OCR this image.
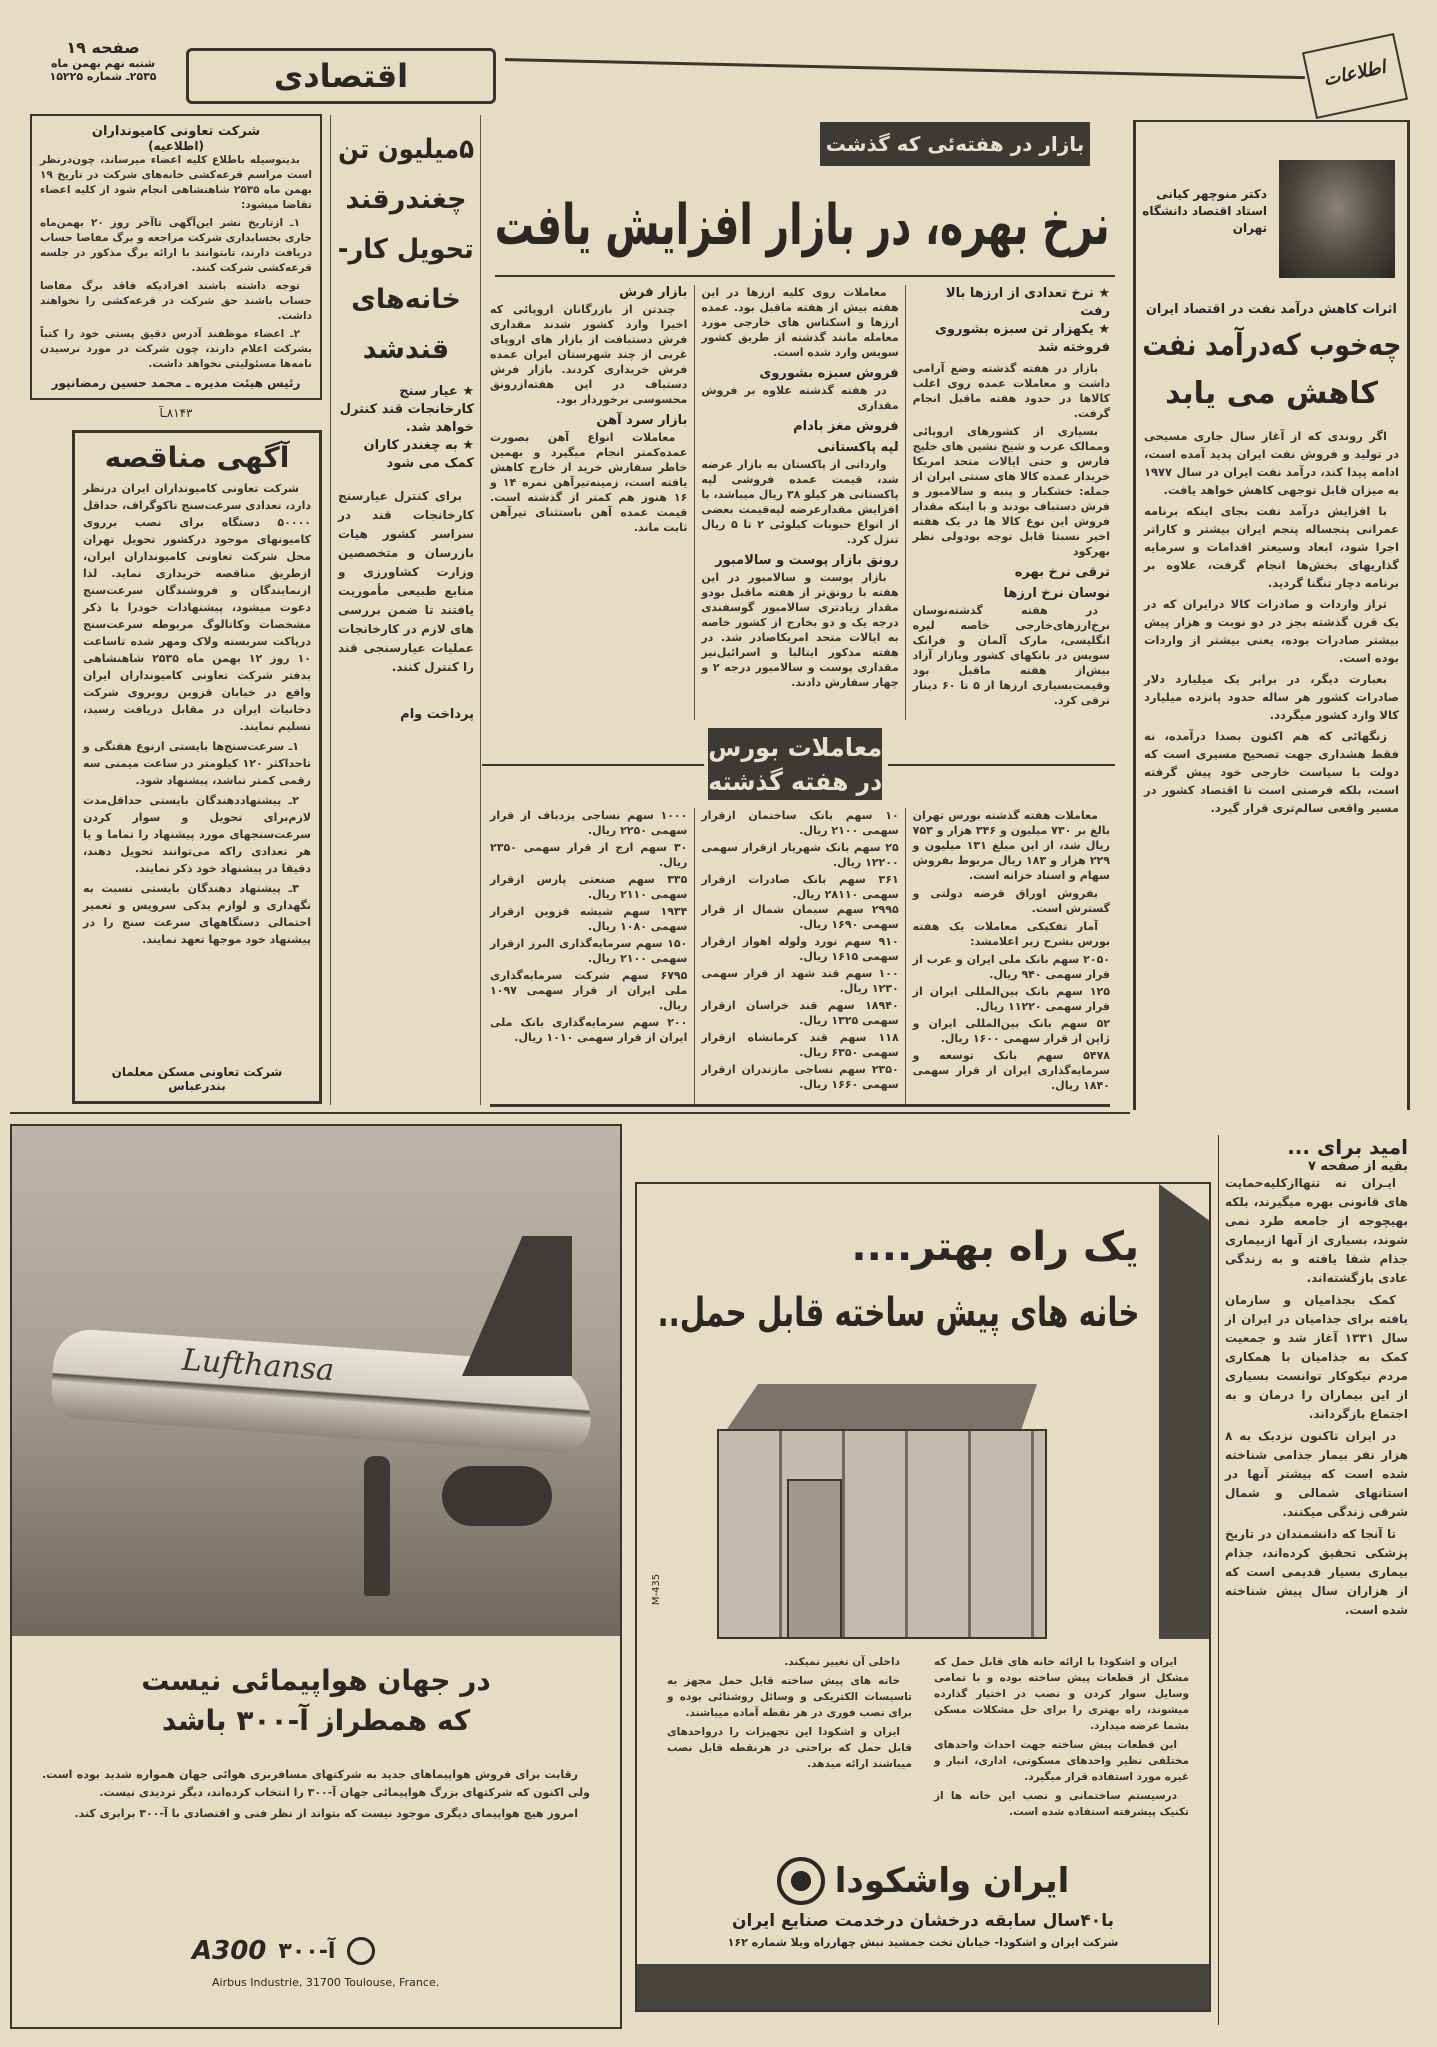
صفحه ۱۹
شنبه نهم بهمن ماه
۲۵۳۵ـ شماره ۱۵۲۲۵	اقتصادی	اطلاعات
شرکت تعاونی کامیونداران
(اطلاعیه)

بدینوسیله باطلاع کلیه اعضاء میرساند، چون‌درنظر است مراسم قرعه‌کشی خانه‌های شرکت در تاریخ ۱۹ بهمن ماه ۲۵۳۵ شاهنشاهی انجام شود از کلیه اعضاء تقاضا میشود:

۱ـ ازتاریخ نشر این‌آگهی تاآخر روز ۲۰ بهمن‌ماه جاری بحسابداری شرکت مراجعه و برگ مفاصا حساب دریافت دارند، تابتوانند با ارائه برگ مذکور در جلسه قرعه‌کشی شرکت کنند.

توجه داشته باشند افرادیکه فاقد برگ مفاصا حساب باشند حق شرکت در قرعه‌کشی را نخواهند داشت.

۲ـ اعضاء موظفند آدرس دقیق پستی خود را کتباً بشرکت اعلام دارند، چون شرکت در مورد نرسیدن نامه‌ها مسئولیتی نخواهد داشت.

رئیس هیئت مدیره ـ محمد حسین رمضانپور
۸۱۴۳ـآ
آگهی مناقصه

شرکت تعاونی کامیونداران ایران درنظر دارد، تعدادی سرعت‌سنج تاکوگراف، حداقل ۵۰۰۰۰ دستگاه برای نصب برروی کامیونهای موجود درکشور تحویل تهران محل شرکت تعاونی کامیونداران ایران، ازطریق مناقصه خریداری نماید. لذا ازنمایندگان و فروشندگان سرعت‌سنج دعوت میشود، پیشنهادات خودرا با ذکر مشخصات وکاتالوگ مربوطه سرعت‌سنج درپاکت سربسته ولاک ومهر شده تاساعت ۱۰ روز ۱۲ بهمن ماه ۲۵۳۵ شاهنشاهی بدفتر شرکت تعاونی کامیونداران ایران واقع در خیابان قزوین روبروی شرکت دخانیات ایران در مقابل دریافت رسید، تسلیم نمایند.

۱ـ سرعت‌سنج‌ها بایستی ازنوع هفتگی و تاحداکثر ۱۲۰ کیلومتر در ساعت میمنی سه رقمی کمتر نباشد، پیشنهاد شود.

۲ـ پیشنهاددهندگان بایستی حداقل‌مدت لازم‌برای تحویل و سوار کردن سرعت‌سنجهای مورد پیشنهاد را تماما و یا هر تعدادی راکه می‌توانند تحویل دهند، دقیقا در پیشنهاد خود ذکر نمایند.

۳ـ پیشنهاد دهندگان بایستی نسبت به نگهداری و لوازم یدکی سرویس و تعمیر احتمالی دستگاههای سرعت سنج را در پیشنهاد خود موجها تعهد نمایند.

شرکت تعاونی مسکن معلمان بندرعباس
۵میلیون تن
چغندرقند
تحویل کار-
خانه‌های
قندشد
★ عیار سنج کارخانجات قند کنترل خواهد شد.
★ به چغندر کاران کمک می شود

برای کنترل عیارسنج کارخانجات قند در سراسر کشور هیات بازرسان و متخصصین وزارت کشاورزی و منابع طبیعی مأموریت یافتند تا ضمن بررسی های لازم در کارخانجات عملیات عیارسنجی قند را کنترل کنند.

پرداخت وام
بازار در هفته‌ئی که گذشت
نرخ بهره، در بازار افزایش یافت
★ نرخ تعدادی از ارزها بالا رفت
★ یکهزار تن سبزه بشوروی فروخته شد

بازار در هفته گذشته وضع آرامی داشت و معاملات عمده روی اغلب کالاها در حدود هفته ماقبل انجام گرفت.

بسیاری از کشورهای اروپائی وممالک عرب و شیخ نشین های خلیج فارس و حتی ایالات متحد امریکا خریدار عمده کالا های سنتی ایران از جمله: خشکبار و پنبه و سالامبور و فرش دستباف بودند و با اینکه مقدار فروش این نوع کالا ها در یک هفته اخیر نسبتا قابل توجه بودولی نظر بهرکود

ترقی نرخ بهره
نوسان نرخ ارزها

در هفته گذشته‌نوسان نرخ‌ارزهای‌خارجی خاصه لیره انگلیسی، مارک آلمان و فرانک سویس در بانکهای کشور وبازار آزاد بیش‌از هفته ماقبل بود وقیمت‌بسیاری ارزها از ۵ تا ۶۰ دینار ترقی کرد.

معاملات روی کلیه ارزها در این هفته بیش از هفته ماقبل بود. عمده ارزها و اسکناس های خارجی مورد معامله مانند گذشته از طریق کشور سویس وارد شده است.

فروش سبزه بشوروی

در هفته گذشته علاوه بر فروش مقداری

فروش مغز بادام
لپه پاکستانی

وارداتی از پاکستان به بازار عرضه شد، قیمت عمده فروشی لپه پاکستانی هر کیلو ۳۸ ریال میباشد، با افزایش مقدارعرضه لپه‌قیمت بعضی از انواع حبوبات کیلوئی ۲ تا ۵ ریال تنزل کرد.

رونق بازار پوست و سالامبور

بازار پوست و سالامبور در این هفته با رونق‌تر از هفته ماقبل بودو مقدار زیادتری سالامبور گوسفندی درجه یک و دو بخارج از کشور خاصه به ایالات متحد امریکاصادر شد. در هفته مذکور ایتالیا و اسرائیل‌نیز مقداری پوست و سالامبور درجه ۲ و چهار سفارش دادند.

بازار فرش

چندتن از بازرگانان اروپائی که اخیرا وارد کشور شدند مقداری فرش دستبافت از بازار های اروپای غربی از چند شهرستان ایران عمده فرش خریداری کردند. بازار فرش دستباف در این هفته‌ازرونق محسوسی برخوردار بود.

بازار سرد آهن

معاملات انواع آهن بصورت عمده‌کمتر انجام میگیرد و بهمین خاطر سفارش خرید از خارج کاهش یافته است، زمینه‌تیرآهن نمره ۱۴ و ۱۶ هنوز هم کمتر از گذشته است. قیمت عمده آهن باستثنای تیرآهن ثابت ماند.

معاملات بورس
در هفته گذشته

معاملات هفته گذشته بورس تهران بالغ بر ۷۳۰ میلیون و ۳۴۶ هزار و ۷۵۳ ریال شد، از این مبلغ ۱۳۱ میلیون و ۲۲۹ هزار و ۱۸۳ ریال مربوط بفروش سهام و اسناد خزانه است.

بفروش اوراق قرضه دولتی و گسترش است.

آمار تفکیکی معاملات یک هفته بورس بشرح زیر اعلامشد:

۲۰۵۰ سهم بانک ملی ایران و عرب از قرار سهمی ۹۴۰ ریال.
۱۲۵ سهم بانک بین‌المللی ایران از قرار سهمی ۱۱۲۲۰ ریال.
۵۲ سهم بانک بین‌المللی ایران و ژاپن از قرار سهمی ۱۶۰۰ ریال.
۵۴۷۸ سهم بانک توسعه و سرمایه‌گذاری ایران از قرار سهمی ۱۸۴۰ ریال.
۱۰ سهم بانک ساختمان ازقرار سهمی ۲۱۰۰ ریال.
۲۵ سهم بانک شهریار ازقرار سهمی ۱۲۲۰۰ ریال.
۳۶۱ سهم بانک صادرات ازقرار سهمی ۲۸۱۱۰ ریال.
۲۹۹۵ سهم سیمان شمال از قرار سهمی ۱۶۹۰ ریال.
۹۱۰ سهم نورد ولوله اهواز ازقرار سهمی ۱۶۱۵ ریال.
۱۰۰ سهم قند شهد از قرار سهمی ۱۲۳۰ ریال.
۱۸۹۴۰ سهم قند خراسان ازقرار سهمی ۱۳۲۵ ریال.
۱۱۸ سهم قند کرمانشاه ازقرار سهمی ۶۳۵۰ ریال.
۲۳۵۰ سهم نساجی مازندران ازقرار سهمی ۱۶۶۰ ریال.
۱۰۰۰ سهم نساجی یزدباف از قرار سهمی ۲۲۵۰ ریال.
۳۰ سهم ارج از قرار سهمی ۲۳۵۰ ریال.
۳۳۵ سهم صنعتی پارس ازقرار سهمی ۲۱۱۰ ریال.
۱۹۳۴ سهم شیشه قزوین ازقرار سهمی ۱۰۸۰ ریال.
۱۵۰ سهم سرمایه‌گذاری البرز ازقرار سهمی ۲۱۰۰ ریال.
۶۷۹۵ سهم شرکت سرمایه‌گذاری ملی ایران از قرار سهمی ۱۰۹۷ ریال.
۲۰۰ سهم سرمایه‌گذاری بانک ملی ایران از قرار سهمی ۱۰۱۰ ریال.
دکتر منوچهر کیانی
استاد اقتصاد دانشگاه تهران
اثرات کاهش درآمد نفت در اقتصاد ایران
چه‌خوب که‌درآمد نفت
کاهش می یابد

اگر روندی که از آغاز سال جاری مسیحی در تولید و فروش نفت ایران پدید آمده است، ادامه پیدا کند، درآمد نفت ایران در سال ۱۹۷۷ به میزان قابل توجهی کاهش خواهد یافت.

با افزایش درآمد نفت بجای اینکه برنامه عمرانی پنجساله پنجم ایران بیشتر و کاراتر اجرا شود، ابعاد وسیعتر اقدامات و سرمایه گذاریهای بخش‌ها انجام گرفت، علاوه بر برنامه دچار تنگنا گردید.

تراز واردات و صادرات کالا درایران که در یک قرن گذشته بجز در دو نوبت و هزار پیش بیشتر صادرات بوده، یعنی بیشتر از واردات بوده است.

بعبارت دیگر، در برابر یک میلیارد دلار صادرات کشور هر ساله حدود پانزده میلیارد کالا وارد کشور میگردد.

زنگهائی که هم اکنون بصدا درآمده، نه فقط هشداری جهت تصحیح مسیری است که دولت با سیاست خارجی خود پیش گرفته است، بلکه فرصتی است تا اقتصاد کشور در مسیر واقعی سالم‌تری قرار گیرد.

Lufthansa
در جهان هواپیمائی نیست
که همطراز آ-۳۰۰ باشد

رقابت برای فروش هواپیماهای جدید به شرکتهای مسافربری هوائی جهان همواره شدید بوده است. ولی اکنون که شرکتهای بزرگ هواپیمائی جهان آ-۳۰۰ را انتخاب کرده‌اند، دیگر تردیدی نیست.

امروز هیچ هواپیمای دیگری موجود نیست که بتواند از نظر فنی و اقتصادی با آ-۳۰۰ برابری کند.

A300 آ-۳۰۰
Airbus Industrie, 31700 Toulouse, France.
یک راه بهتر....
خانه های پیش ساخته قابل حمل..
M-435

ایران و اشکودا با ارائه خانه های قابل حمل که مشکل از قطعات پیش ساخته بوده و با تمامی وسایل سوار کردن و نصب در اختیار گذارده میشوند، راه بهتری را برای حل مشکلات مسکن بشما عرضه میدارد.

این قطعات پیش ساخته جهت احداث واحدهای مختلفی نظیر واحدهای مسکونی، اداری، انبار و غیره مورد استفاده قرار میگیرد.

درسیستم ساختمانی و نصب این خانه ها از تکنیک پیشرفته استفاده شده است.

داخلی آن تغییر نمیکند.

خانه های پیش ساخته قابل حمل مجهز به تاسیسات الکتریکی و وسائل روشنائی بوده و برای نصب فوری در هر نقطه آماده میباشند.

ایران و اشکودا این تجهیزات را درواحدهای قابل حمل که براحتی در هرنقطه قابل نصب میباشند ارائه میدهد.

ایران واشکودا
با۴۰سال سابقه درخشان درخدمت صنایع ایران
شرکت ایران و اشکودا- خیابان تخت جمشید نبش چهارراه ویلا شماره ۱۶۲
امید برای ...
بقیه از صفحه ۷

ایـران نه تنهاازکلیه‌حمایت های قانونی بهره میگیرند، بلکه بهیچوجه از جامعه طرد نمی شوند، بسیاری از آنها ازبیماری جذام شفا یافته و به زندگی عادی بازگشته‌اند.

کمک بجذامیان و سازمان یافته برای جذامیان در ایران از سال ۱۳۳۱ آغاز شد و جمعیت کمک به جذامیان با همکاری مردم نیکوکار توانست بسیاری از این بیماران را درمان و به اجتماع بازگرداند.

در ایران تاکنون نزدیک به ۸ هزار نفر بیمار جذامی شناخته شده است که بیشتر آنها در استانهای شمالی و شمال شرقی زندگی میکنند.

تا آنجا که دانشمندان در تاریخ پزشکی تحقیق کرده‌اند، جذام بیماری بسیار قدیمی است که از هزاران سال پیش شناخته شده است.
